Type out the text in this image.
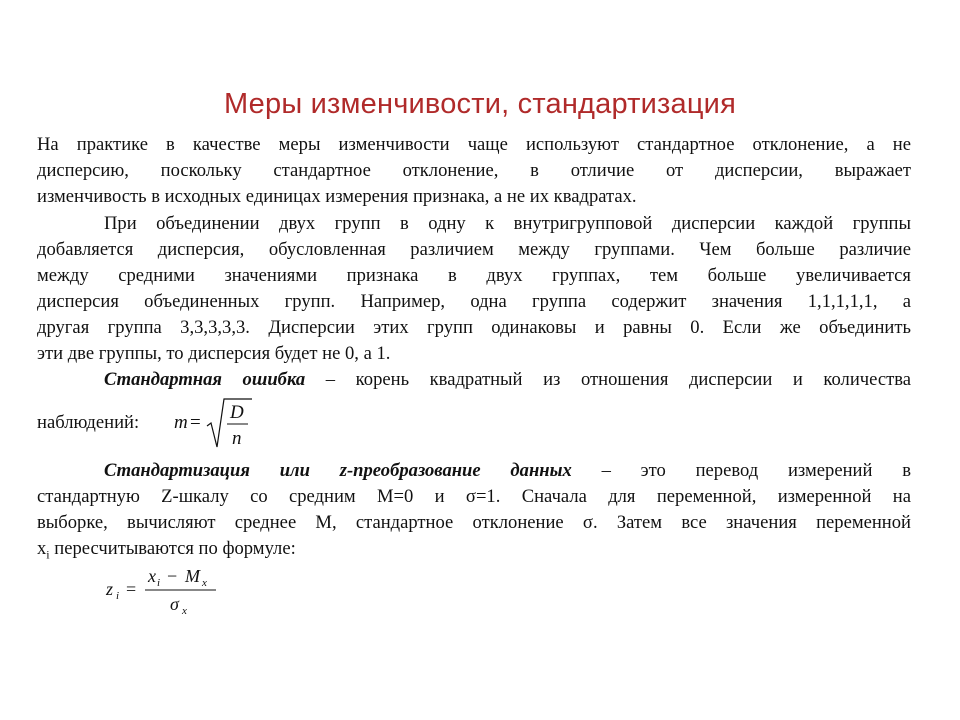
Меры изменчивости, стандартизация

На практике в качестве меры изменчивости чаще используют стандартное отклонение, а не

дисперсию, поскольку стандартное отклонение, в отличие от дисперсии, выражает

изменчивость в исходных единицах измерения признака, а не их квадратах.

При объединении двух групп в одну к внутригрупповой дисперсии каждой группы

добавляется дисперсия, обусловленная различием между группами. Чем больше различие

между средними значениями признака в двух группах, тем больше увеличивается

дисперсия объединенных групп. Например, одна группа содержит значения 1,1,1,1,1, а

другая группа 3,3,3,3,3. Дисперсии этих групп одинаковы и равны 0. Если же объединить

эти две группы, то дисперсия будет не 0, а 1.

Стандартная ошибка – корень квадратный из отношения дисперсии и количества

наблюдений: m = D
n

Стандартизация или z-преобразование данных – это перевод измерений в

стандартную Z-шкалу со средним М=0 и σ=1. Сначала для переменной, измеренной на

выборке, вычисляют среднее М, стандартное отклонение σ. Затем все значения переменной

$x_i$ пересчитываются по формуле:

z i =
x i − M x
σ x
